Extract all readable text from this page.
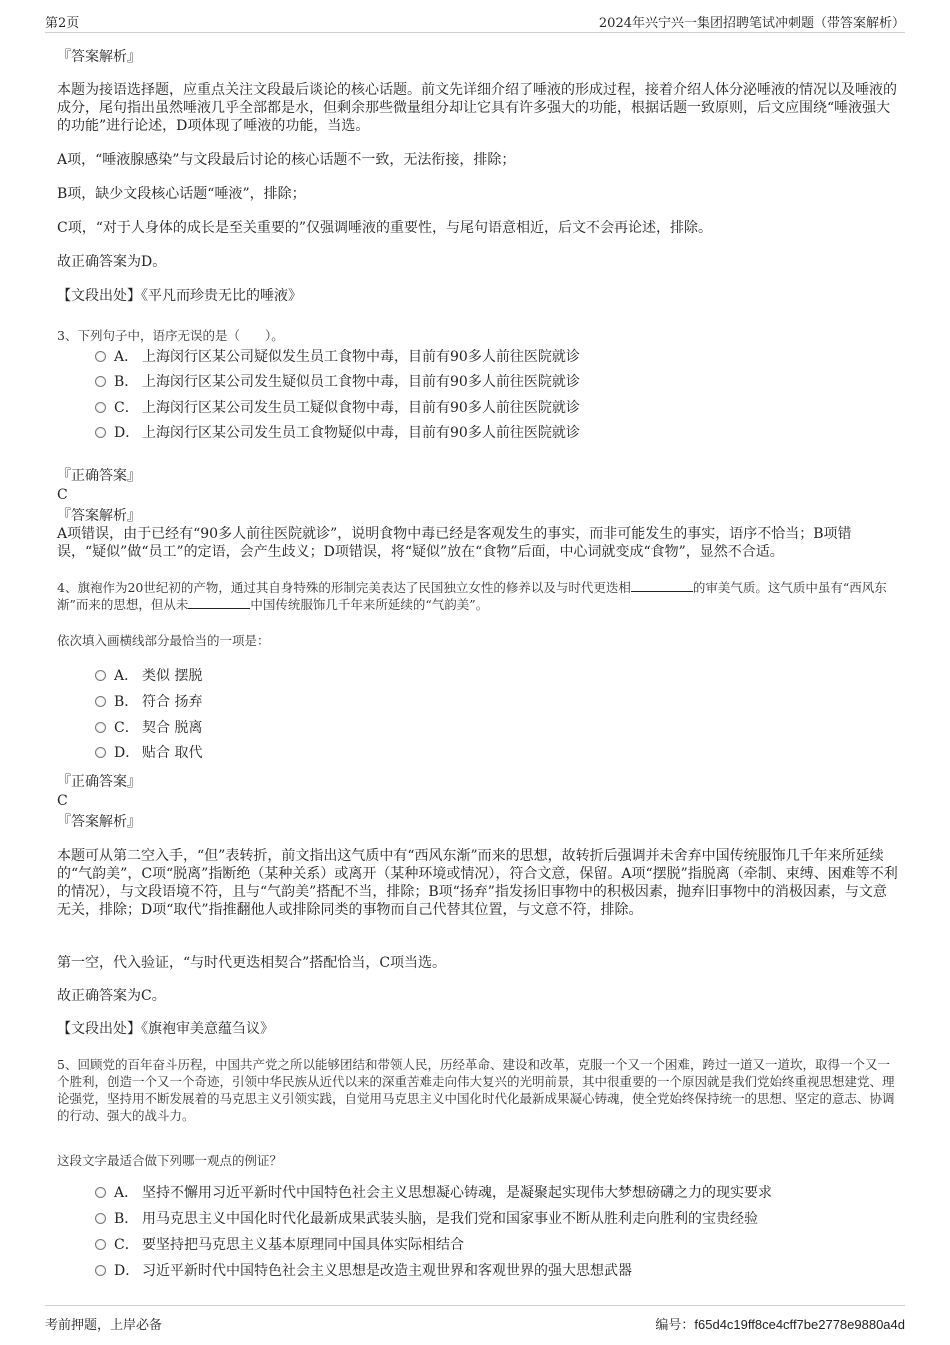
第2页	2024年兴宁兴一集团招聘笔试冲刺题（带答案解析）

『答案解析』

本题为接语选择题，应重点关注文段最后谈论的核心话题。前文先详细介绍了唾液的形成过程，接着介绍人体分泌唾液的情况以及唾液的成分，尾句指出虽然唾液几乎全部都是水，但剩余那些微量组分却让它具有许多强大的功能，根据话题一致原则，后文应围绕“唾液强大的功能”进行论述，D项体现了唾液的功能，当选。

A项，“唾液腺感染”与文段最后讨论的核心话题不一致，无法衔接，排除；

B项，缺少文段核心话题“唾液”，排除；

C项，“对于人身体的成长是至关重要的”仅强调唾液的重要性，与尾句语意相近，后文不会再论述，排除。

故正确答案为D。

【文段出处】《平凡而珍贵无比的唾液》

3、下列句子中，语序无误的是（　　）。

A． 上海闵行区某公司疑似发生员工食物中毒，目前有90多人前往医院就诊
B． 上海闵行区某公司发生疑似员工食物中毒，目前有90多人前往医院就诊
C． 上海闵行区某公司发生员工疑似食物中毒，目前有90多人前往医院就诊
D． 上海闵行区某公司发生员工食物疑似中毒，目前有90多人前往医院就诊

『正确答案』

C

『答案解析』

A项错误，由于已经有“90多人前往医院就诊”，说明食物中毒已经是客观发生的事实，而非可能发生的事实，语序不恰当；B项错误，“疑似”做“员工”的定语，会产生歧义；D项错误，将“疑似”放在“食物”后面，中心词就变成“食物”，显然不合适。

4、旗袍作为20世纪初的产物，通过其自身特殊的形制完美表达了民国独立女性的修养以及与时代更迭相	的审美气质。这气质中虽有“西风东渐”而来的思想，但从未	中国传统服饰几千年来所延续的“气韵美”。

依次填入画横线部分最恰当的一项是：

A． 类似 摆脱
B． 符合 扬弃
C． 契合 脱离
D． 贴合 取代

『正确答案』

C

『答案解析』

本题可从第二空入手，“但”表转折，前文指出这气质中有“西风东渐”而来的思想，故转折后强调并未舍弃中国传统服饰几千年来所延续的“气韵美”，C项“脱离”指断绝（某种关系）或离开（某种环境或情况），符合文意，保留。A项“摆脱”指脱离（牵制、束缚、困难等不利的情况），与文段语境不符，且与“气韵美”搭配不当，排除；B项“扬弃”指发扬旧事物中的积极因素，抛弃旧事物中的消极因素，与文意无关，排除；D项“取代”指推翻他人或排除同类的事物而自己代替其位置，与文意不符，排除。

第一空，代入验证，“与时代更迭相契合”搭配恰当，C项当选。

故正确答案为C。

【文段出处】《旗袍审美意蕴刍议》

5、回顾党的百年奋斗历程，中国共产党之所以能够团结和带领人民，历经革命、建设和改革，克服一个又一个困难，跨过一道又一道坎，取得一个又一个胜利，创造一个又一个奇迹，引领中华民族从近代以来的深重苦难走向伟大复兴的光明前景，其中很重要的一个原因就是我们党始终重视思想建党、理论强党，坚持用不断发展着的马克思主义引领实践，自觉用马克思主义中国化时代化最新成果凝心铸魂，使全党始终保持统一的思想、坚定的意志、协调的行动、强大的战斗力。

这段文字最适合做下列哪一观点的例证？

A． 坚持不懈用习近平新时代中国特色社会主义思想凝心铸魂，是凝聚起实现伟大梦想磅礴之力的现实要求
B． 用马克思主义中国化时代化最新成果武装头脑，是我们党和国家事业不断从胜利走向胜利的宝贵经验
C． 要坚持把马克思主义基本原理同中国具体实际相结合
D． 习近平新时代中国特色社会主义思想是改造主观世界和客观世界的强大思想武器
考前押题，上岸必备	编号：f65d4c19ff8ce4cff7be2778e9880a4d
